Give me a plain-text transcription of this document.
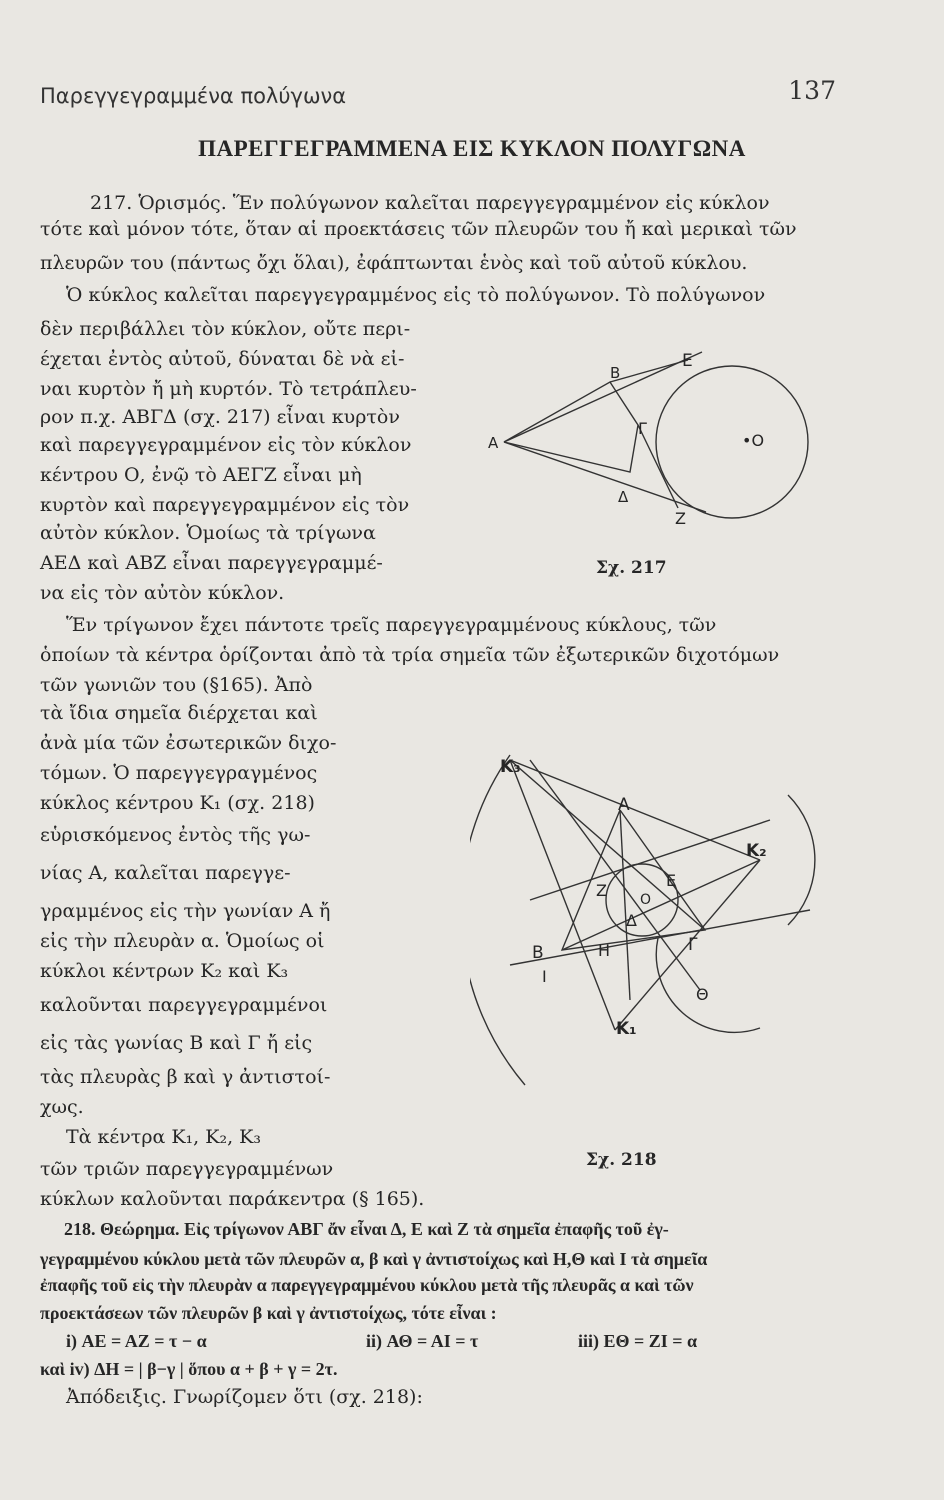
Παρεγγεγραμμένα πολύγωνα	137
ΠΑΡΕΓΓΕΓΡΑΜΜΕΝΑ ΕΙΣ ΚΥΚΛΟΝ ΠΟΛΥΓΩΝΑ
217. Ὁρισμός. Ἕν πολύγωνον καλεῖται παρεγγεγραμμένον εἰς κύκλον
τότε καὶ μόνον τότε, ὅταν αἱ προεκτάσεις τῶν πλευρῶν του ἤ καὶ μερικαὶ τῶν
πλευρῶν του (πάντως ὄχι ὅλαι), ἐφάπτωνται ἑνὸς καὶ τοῦ αὐτοῦ κύκλου.
Ὁ κύκλος καλεῖται παρεγγεγραμμένος εἰς τὸ πολύγωνον. Τὸ πολύγωνον
δὲν περιβάλλει τὸν κύκλον, οὔτε περι-
έχεται ἐντὸς αὐτοῦ, δύναται δὲ νὰ εἰ-
ναι κυρτὸν ἤ μὴ κυρτόν. Τὸ τετράπλευ-
ρον π.χ. ΑΒΓΔ (σχ. 217) εἶναι κυρτὸν
καὶ παρεγγεγραμμένον εἰς τὸν κύκλον
κέντρου Ο, ἐνῷ τὸ ΑΕΓΖ εἶναι μὴ
κυρτὸν καὶ παρεγγεγραμμένον εἰς τὸν
αὐτὸν κύκλον. Ὁμοίως τὰ τρίγωνα
ΑΕΔ καὶ ΑΒΖ εἶναι παρεγγεγραμμέ-
να εἰς τὸν αὐτὸν κύκλον.
Α
Β
Ε
Γ
Δ
Ζ
•Ο
Σχ. 217
Ἕν τρίγωνον ἔχει πάντοτε τρεῖς παρεγγεγραμμένους κύκλους, τῶν
ὁποίων τὰ κέντρα ὁρίζονται ἀπὸ τὰ τρία σημεῖα τῶν ἐξωτερικῶν διχοτόμων
τῶν γωνιῶν του (§165). Ἀπὸ
τὰ ἴδια σημεῖα διέρχεται καὶ
ἀνὰ μία τῶν ἐσωτερικῶν διχο-
τόμων. Ὁ παρεγγεγραγμένος
κύκλος κέντρου Κ₁ (σχ. 218)
εὑρισκόμενος ἐντὸς τῆς γω-
νίας Α, καλεῖται παρεγγε-
γραμμένος εἰς τὴν γωνίαν Α ἤ
εἰς τὴν πλευρὰν α. Ὁμοίως οἱ
κύκλοι κέντρων Κ₂ καὶ Κ₃
καλοῦνται παρεγγεγραμμένοι
εἰς τὰς γωνίας Β καὶ Γ ἤ εἰς
τὰς πλευρὰς β καὶ γ ἀντιστοί-
χως.
Τὰ κέντρα Κ₁, Κ₂, Κ₃
τῶν τριῶν παρεγγεγραμμένων
κύκλων καλοῦνται παράκεντρα (§ 165).
Κ₃
Κ₂
Κ₁
Α
Β	Γ
Δ
Ε
Ζ
Η
Θ
Ι
Ο
Σχ. 218
218. Θεώρημα. Εἰς τρίγωνον ΑΒΓ ἄν εἶναι Δ, Ε καὶ Ζ τὰ σημεῖα ἐπαφῆς τοῦ ἐγ-
γεγραμμένου κύκλου μετὰ τῶν πλευρῶν α, β καὶ γ ἀντιστοίχως καὶ Η,Θ καὶ Ι τὰ σημεῖα
ἐπαφῆς τοῦ εἰς τὴν πλευρὰν α παρεγγεγραμμένου κύκλου μετὰ τῆς πλευρᾶς α καὶ τῶν
προεκτάσεων τῶν πλευρῶν β καὶ γ ἀντιστοίχως, τότε εἶναι :
i) ΑΕ = ΑΖ = τ − α	ii) ΑΘ = ΑΙ = τ	iii) ΕΘ = ΖΙ = α
καὶ iv) ΔΗ = | β−γ | ὅπου α + β + γ = 2τ.
Ἀπόδειξις. Γνωρίζομεν ὅτι (σχ. 218):
